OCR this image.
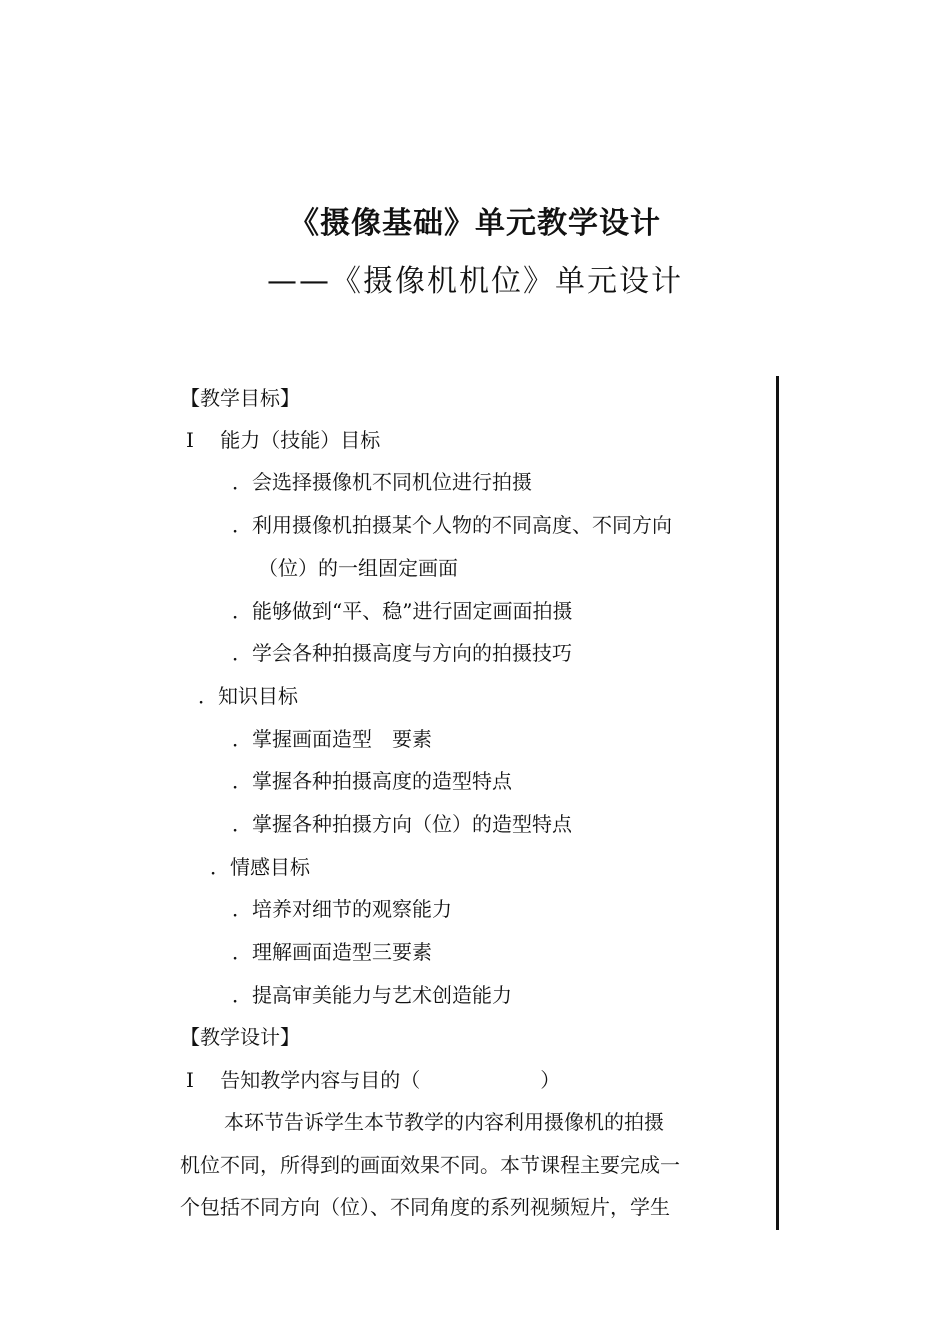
《摄像基础》单元教学设计
——《摄像机机位》单元设计
【教学目标】
I　 能力（技能）目标
．会选择摄像机不同机位进行拍摄
．利用摄像机拍摄某个人物的不同高度、不同方向
（位）的一组固定画面
．能够做到“平、稳”进行固定画面拍摄
．学会各种拍摄高度与方向的拍摄技巧
．知识目标
．掌握画面造型　要素
．掌握各种拍摄高度的造型特点
．掌握各种拍摄方向（位）的造型特点
．情感目标
．培养对细节的观察能力
．理解画面造型三要素
．提高审美能力与艺术创造能力
【教学设计】
I　 告知教学内容与目的（　　　　　　）
本环节告诉学生本节教学的内容利用摄像机的拍摄
机位不同，所得到的画面效果不同。本节课程主要完成一
个包括不同方向（位）、不同角度的系列视频短片，学生
